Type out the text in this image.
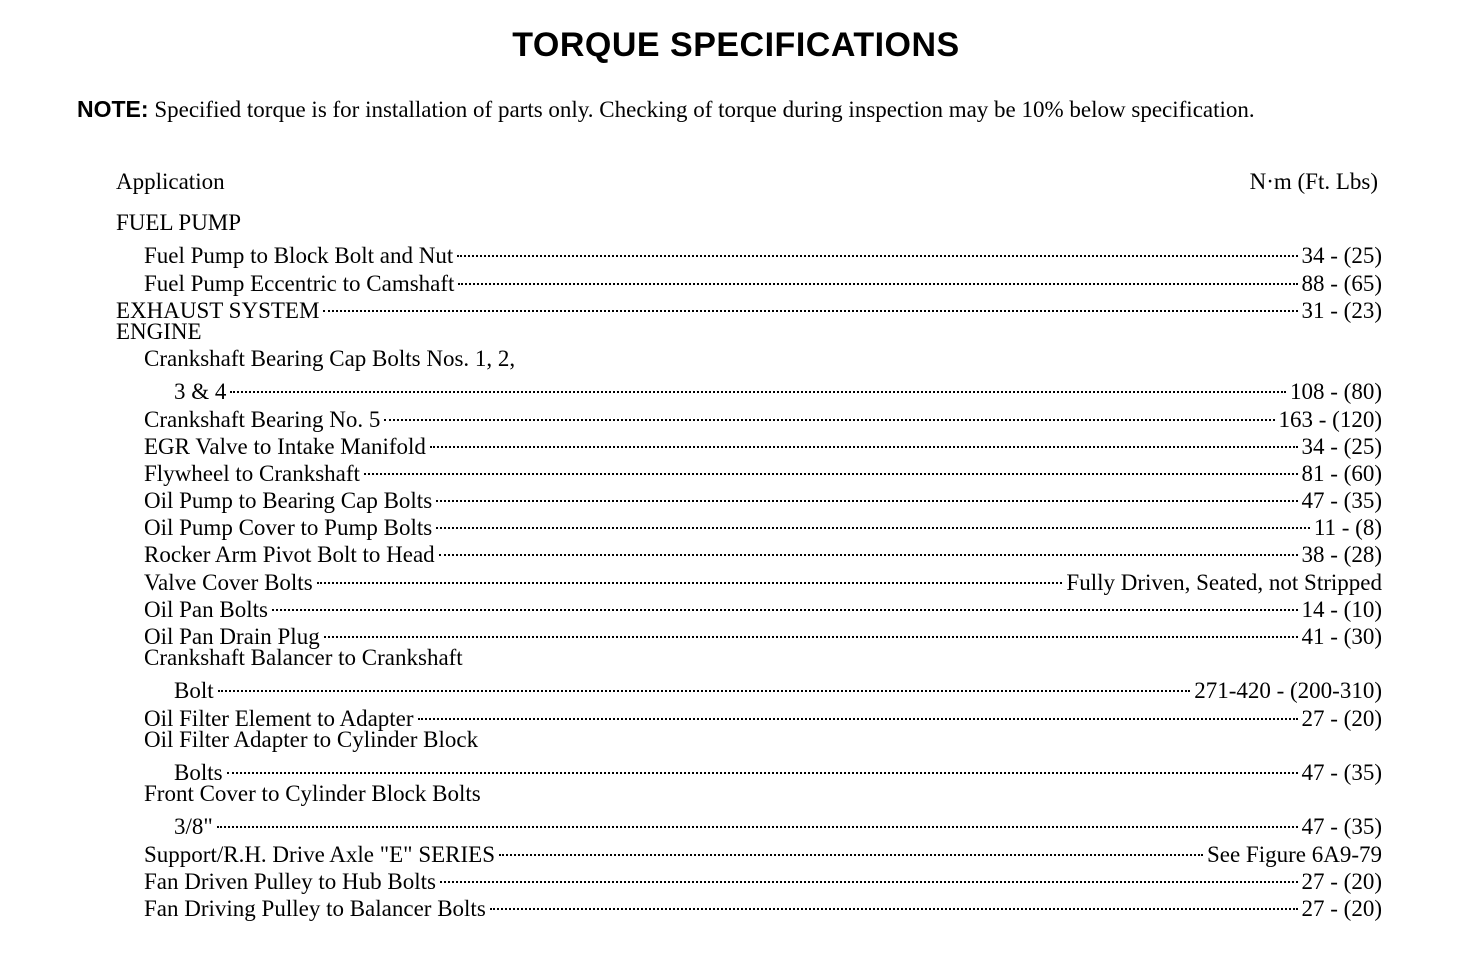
TORQUE SPECIFICATIONS
NOTE: Specified torque is for installation of parts only. Checking of torque during inspection may be 10% below specification.
Application	N·m (Ft. Lbs)
FUEL PUMP
Fuel Pump to Block Bolt and Nut	34 - (25)
Fuel Pump Eccentric to Camshaft	88 - (65)
EXHAUST SYSTEM	31 - (23)
ENGINE
Crankshaft Bearing Cap Bolts Nos. 1, 2,
3 & 4	108 - (80)
Crankshaft Bearing No. 5	163 - (120)
EGR Valve to Intake Manifold	34 - (25)
Flywheel to Crankshaft	81 - (60)
Oil Pump to Bearing Cap Bolts	47 - (35)
Oil Pump Cover to Pump Bolts	11 - (8)
Rocker Arm Pivot Bolt to Head	38 - (28)
Valve Cover Bolts	Fully Driven, Seated, not Stripped
Oil Pan Bolts	14 - (10)
Oil Pan Drain Plug	41 - (30)
Crankshaft Balancer to Crankshaft
Bolt	271-420 - (200-310)
Oil Filter Element to Adapter	27 - (20)
Oil Filter Adapter to Cylinder Block
Bolts	47 - (35)
Front Cover to Cylinder Block Bolts
3/8"	47 - (35)
Support/R.H. Drive Axle "E" SERIES	See Figure 6A9-79
Fan Driven Pulley to Hub Bolts	27 - (20)
Fan Driving Pulley to Balancer Bolts	27 - (20)
